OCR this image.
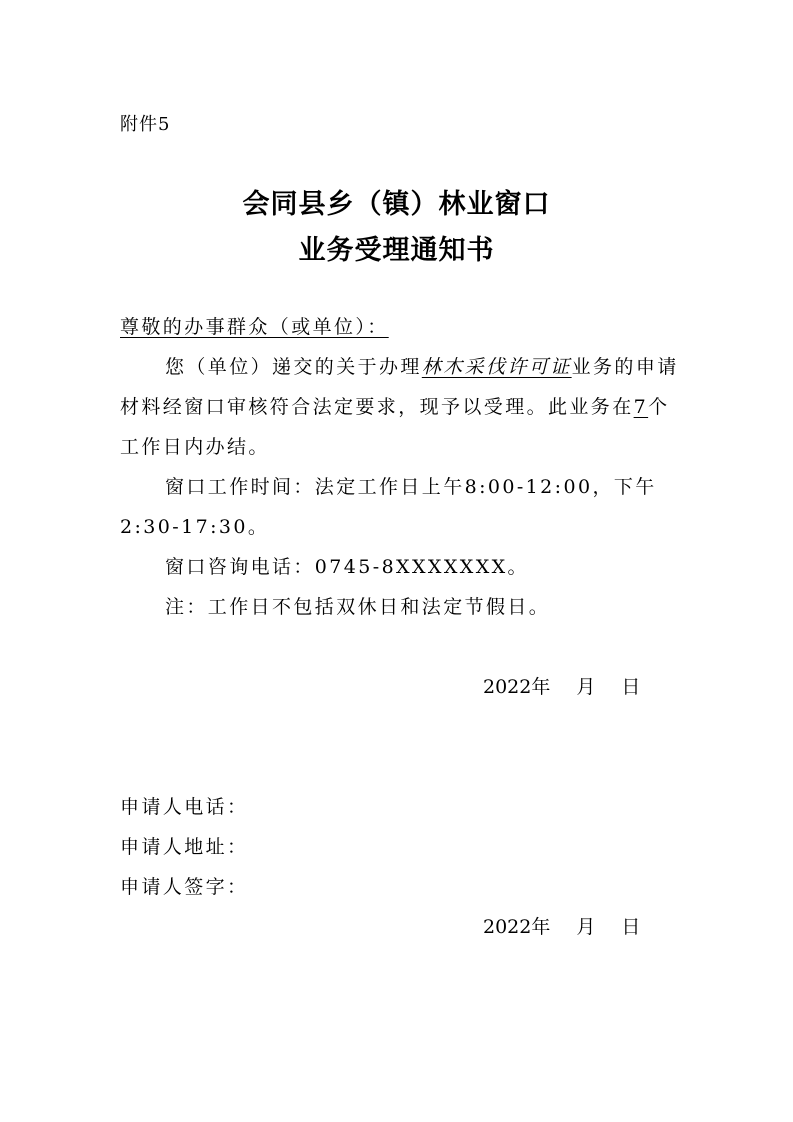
附件5
会同县乡（镇）林业窗口
业务受理通知书
尊敬的办事群众（或单位）：
您（单位）递交的关于办理林木采伐许可证业务的申请
材料经窗口审核符合法定要求，现予以受理。此业务在7个
工作日内办结。
窗口工作时间：法定工作日上午8:00-12:00，下午
2:30-17:30。
窗口咨询电话：0745-8XXXXXXX。
注：工作日不包括双休日和法定节假日。
2022年 月 日
申请人电话：
申请人地址：
申请人签字：
2022年 月 日
